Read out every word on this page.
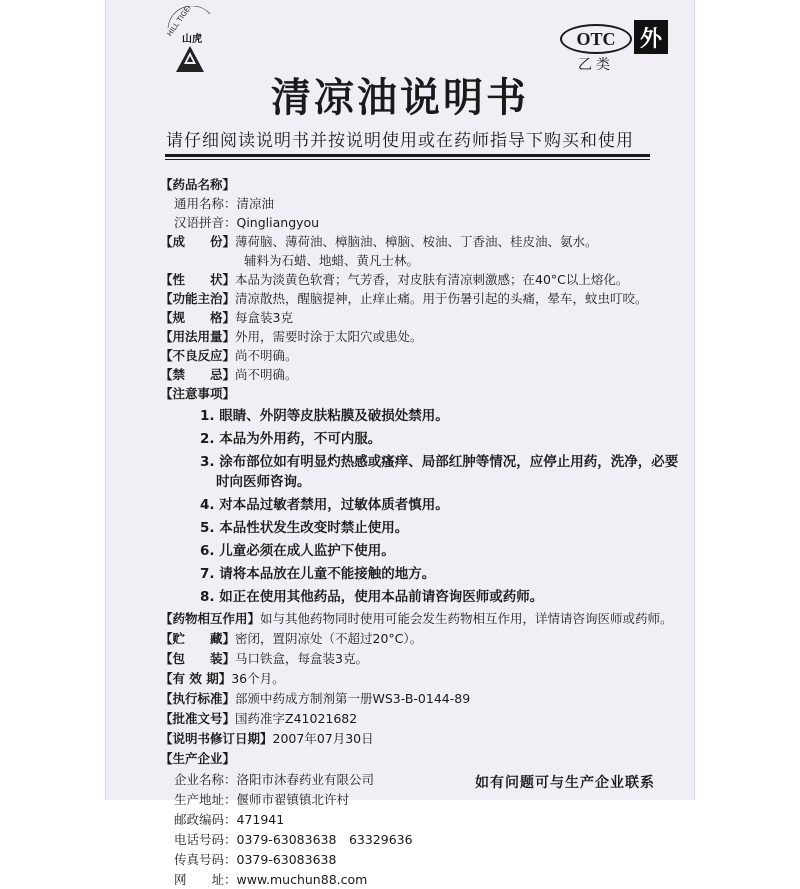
HILL TIGER
山虎	OTC
乙类
外
清凉油说明书
请仔细阅读说明书并按说明使用或在药师指导下购买和使用
【药品名称】
通用名称：清凉油
汉语拼音：Qingliangyou
【成　　份】薄荷脑、薄荷油、樟脑油、樟脑、桉油、丁香油、桂皮油、氨水。
辅料为石蜡、地蜡、黄凡士林。
【性　　状】本品为淡黄色软膏；气芳香，对皮肤有清凉刺激感；在40°C以上熔化。
【功能主治】清凉散热，醒脑提神，止痒止痛。用于伤暑引起的头痛，晕车，蚊虫叮咬。
【规　　格】每盒装3克
【用法用量】外用，需要时涂于太阳穴或患处。
【不良反应】尚不明确。
【禁　　忌】尚不明确。
【注意事项】
1. 眼睛、外阴等皮肤粘膜及破损处禁用。
2. 本品为外用药，不可内服。
3. 涂布部位如有明显灼热感或瘙痒、局部红肿等情况，应停止用药，洗净，必要
时向医师咨询。
4. 对本品过敏者禁用，过敏体质者慎用。
5. 本品性状发生改变时禁止使用。
6. 儿童必须在成人监护下使用。
7. 请将本品放在儿童不能接触的地方。
8. 如正在使用其他药品，使用本品前请咨询医师或药师。
【药物相互作用】如与其他药物同时使用可能会发生药物相互作用，详情请咨询医师或药师。
【贮　　藏】密闭，置阴凉处（不超过20°C）。
【包　　装】马口铁盒，每盒装3克。
【有 效 期】36个月。
【执行标准】部颁中药成方制剂第一册WS3-B-0144-89
【批准文号】国药准字Z41021682
【说明书修订日期】2007年07月30日
【生产企业】
企业名称：洛阳市沐春药业有限公司
生产地址：偃师市翟镇镇北许村
邮政编码：471941
电话号码：0379-63083638　63329636
传真号码：0379-63083638
网　　址：www.muchun88.com
如有问题可与生产企业联系
